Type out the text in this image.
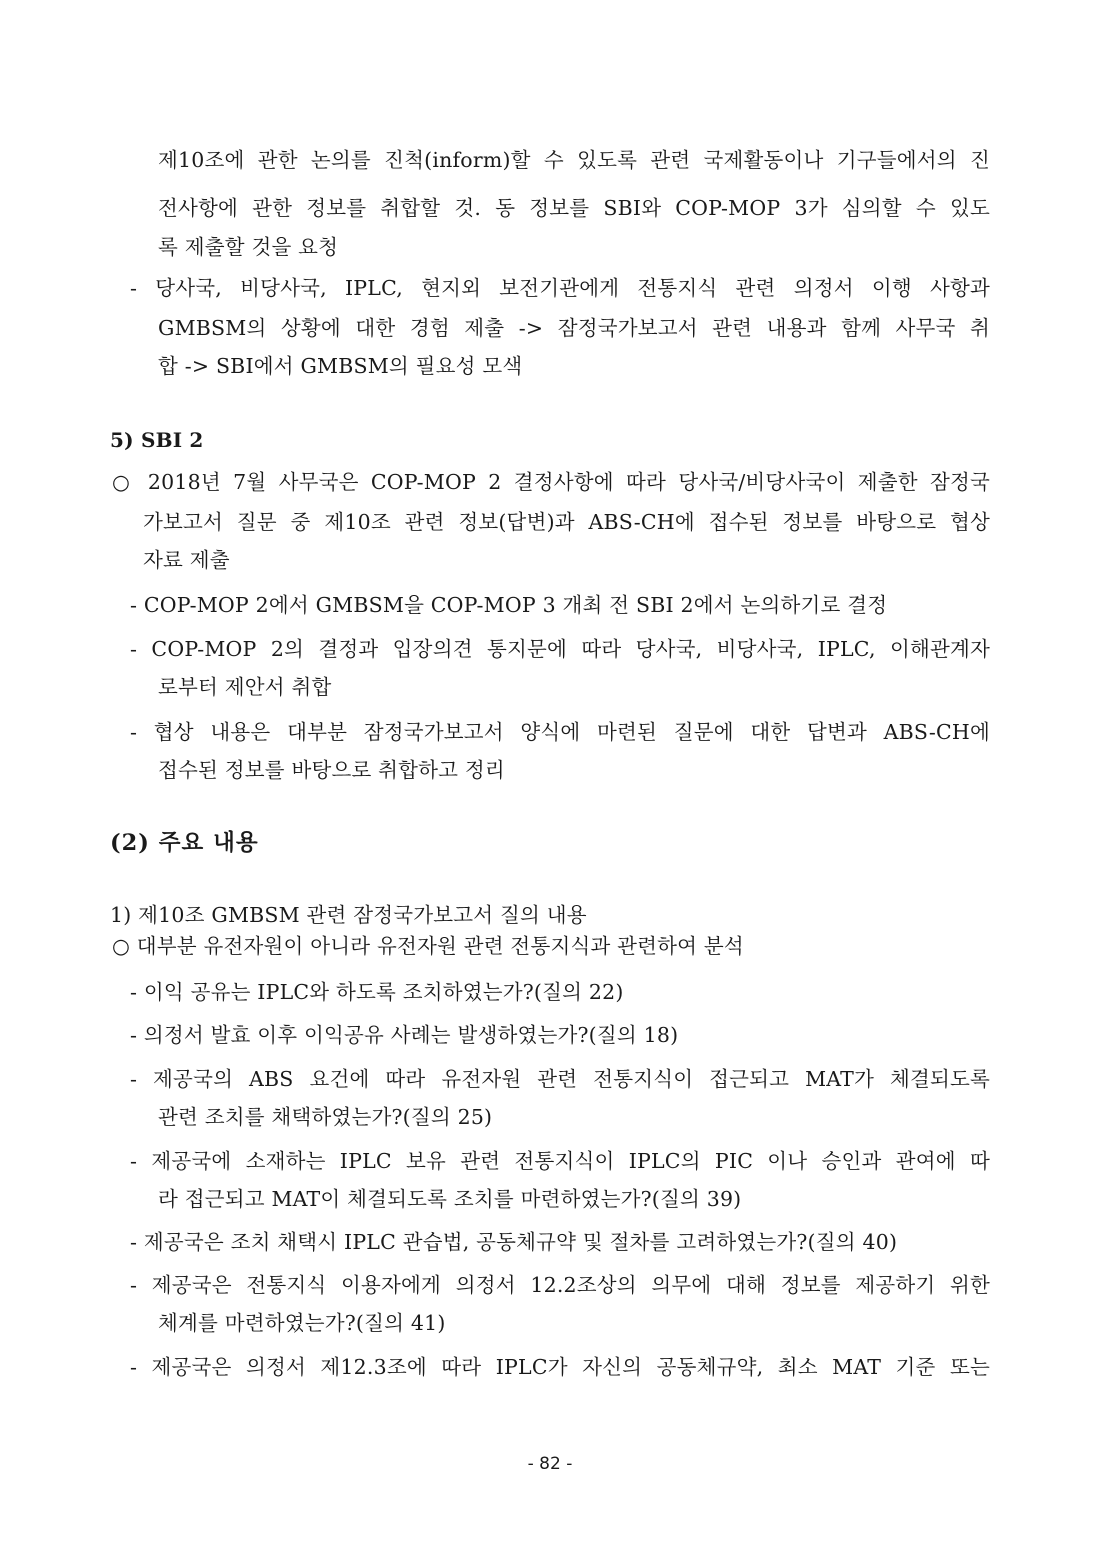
제10조에 관한 논의를 진척(inform)할 수 있도록 관련 국제활동이나 기구들에서의 진
전사항에 관한 정보를 취합할 것. 동 정보를 SBI와 COP-MOP 3가 심의할 수 있도
록 제출할 것을 요청
- 당사국, 비당사국, IPLC, 현지외 보전기관에게 전통지식 관련 의정서 이행 사항과
GMBSM의 상황에 대한 경험 제출 -> 잠정국가보고서 관련 내용과 함께 사무국 취
합 -> SBI에서 GMBSM의 필요성 모색
5) SBI 2
○ 2018년 7월 사무국은 COP-MOP 2 결정사항에 따라 당사국/비당사국이 제출한 잠정국
가보고서 질문 중 제10조 관련 정보(답변)과 ABS-CH에 접수된 정보를 바탕으로 협상
자료 제출
- COP-MOP 2에서 GMBSM을 COP-MOP 3 개최 전 SBI 2에서 논의하기로 결정
- COP-MOP 2의 결정과 입장의견 통지문에 따라 당사국, 비당사국, IPLC, 이해관계자
로부터 제안서 취합
- 협상 내용은 대부분 잠정국가보고서 양식에 마련된 질문에 대한 답변과 ABS-CH에
접수된 정보를 바탕으로 취합하고 정리
(2) 주요 내용
1) 제10조 GMBSM 관련 잠정국가보고서 질의 내용
○ 대부분 유전자원이 아니라 유전자원 관련 전통지식과 관련하여 분석
- 이익 공유는 IPLC와 하도록 조치하였는가?(질의 22)
- 의정서 발효 이후 이익공유 사례는 발생하였는가?(질의 18)
- 제공국의 ABS 요건에 따라 유전자원 관련 전통지식이 접근되고 MAT가 체결되도록
관련 조치를 채택하였는가?(질의 25)
- 제공국에 소재하는 IPLC 보유 관련 전통지식이 IPLC의 PIC 이나 승인과 관여에 따
라 접근되고 MAT이 체결되도록 조치를 마련하였는가?(질의 39)
- 제공국은 조치 채택시 IPLC 관습법, 공동체규약 및 절차를 고려하였는가?(질의 40)
- 제공국은 전통지식 이용자에게 의정서 12.2조상의 의무에 대해 정보를 제공하기 위한
체계를 마련하였는가?(질의 41)
- 제공국은 의정서 제12.3조에 따라 IPLC가 자신의 공동체규약, 최소 MAT 기준 또는
- 82 -
